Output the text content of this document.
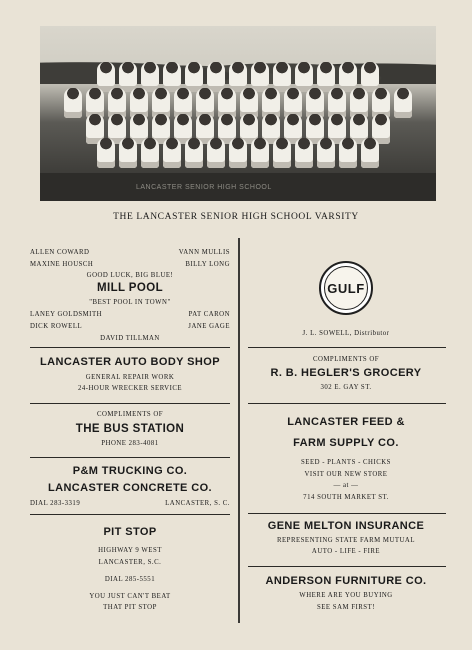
LANCASTER SENIOR HIGH SCHOOL
THE LANCASTER SENIOR HIGH SCHOOL VARSITY
ALLEN COWARD
MAXINE HOUSCH
VANN MULLIS
BILLY LONG
GOOD LUCK, BIG BLUE!
MILL POOL
"BEST POOL IN TOWN"
LANEY GOLDSMITH
DICK ROWELL
PAT CARON
JANE GAGE
DAVID TILLMAN
LANCASTER AUTO BODY SHOP
GENERAL REPAIR WORK
24-HOUR WRECKER SERVICE
COMPLIMENTS OF
THE BUS STATION
PHONE 283-4081
P&M TRUCKING CO.
LANCASTER CONCRETE CO.
DIAL 283-3319	LANCASTER, S. C.
PIT STOP
HIGHWAY 9 WEST
LANCASTER, S.C.
DIAL 285-5551
YOU JUST CAN'T BEAT
THAT PIT STOP
GULF
J. L. SOWELL, Distributor
COMPLIMENTS OF
R. B. HEGLER'S GROCERY
302 E. GAY ST.
LANCASTER FEED &
FARM SUPPLY CO.
SEED - PLANTS - CHICKS
VISIT OUR NEW STORE
— at —
714 SOUTH MARKET ST.
GENE MELTON INSURANCE
REPRESENTING STATE FARM MUTUAL
AUTO - LIFE - FIRE
ANDERSON FURNITURE CO.
WHERE ARE YOU BUYING
SEE SAM FIRST!
